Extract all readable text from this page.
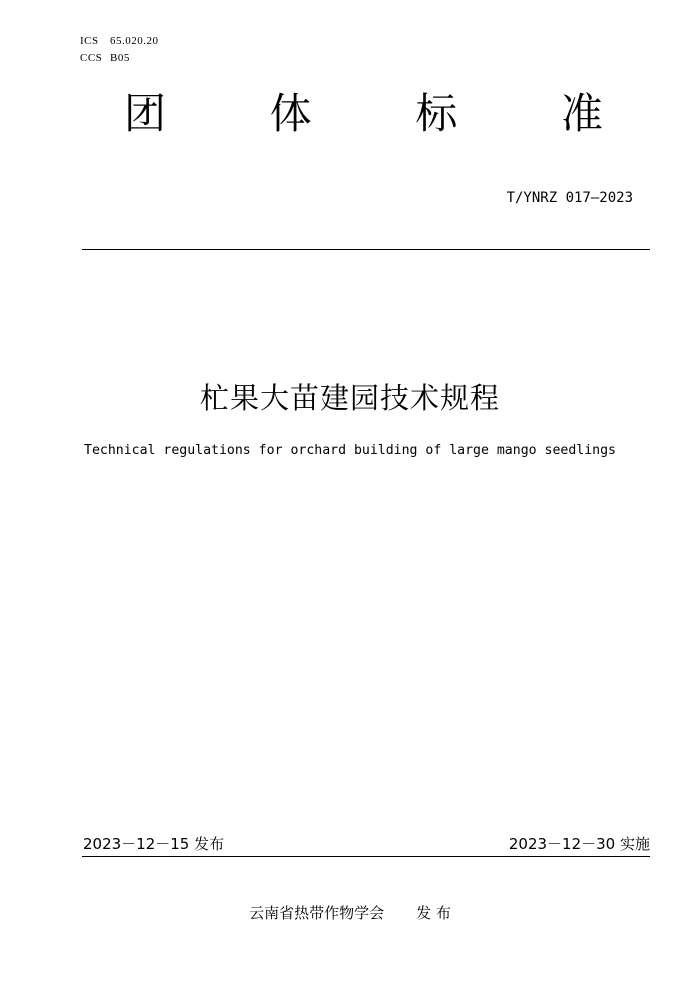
ICS 65.020.20
CCS B05
团 体 标 准
T/YNRZ 017—2023
杧果大苗建园技术规程
Technical regulations for orchard building of large mango seedlings
2023－12－15 发布	2023－12－30 实施
云南省热带作物学会 发 布
